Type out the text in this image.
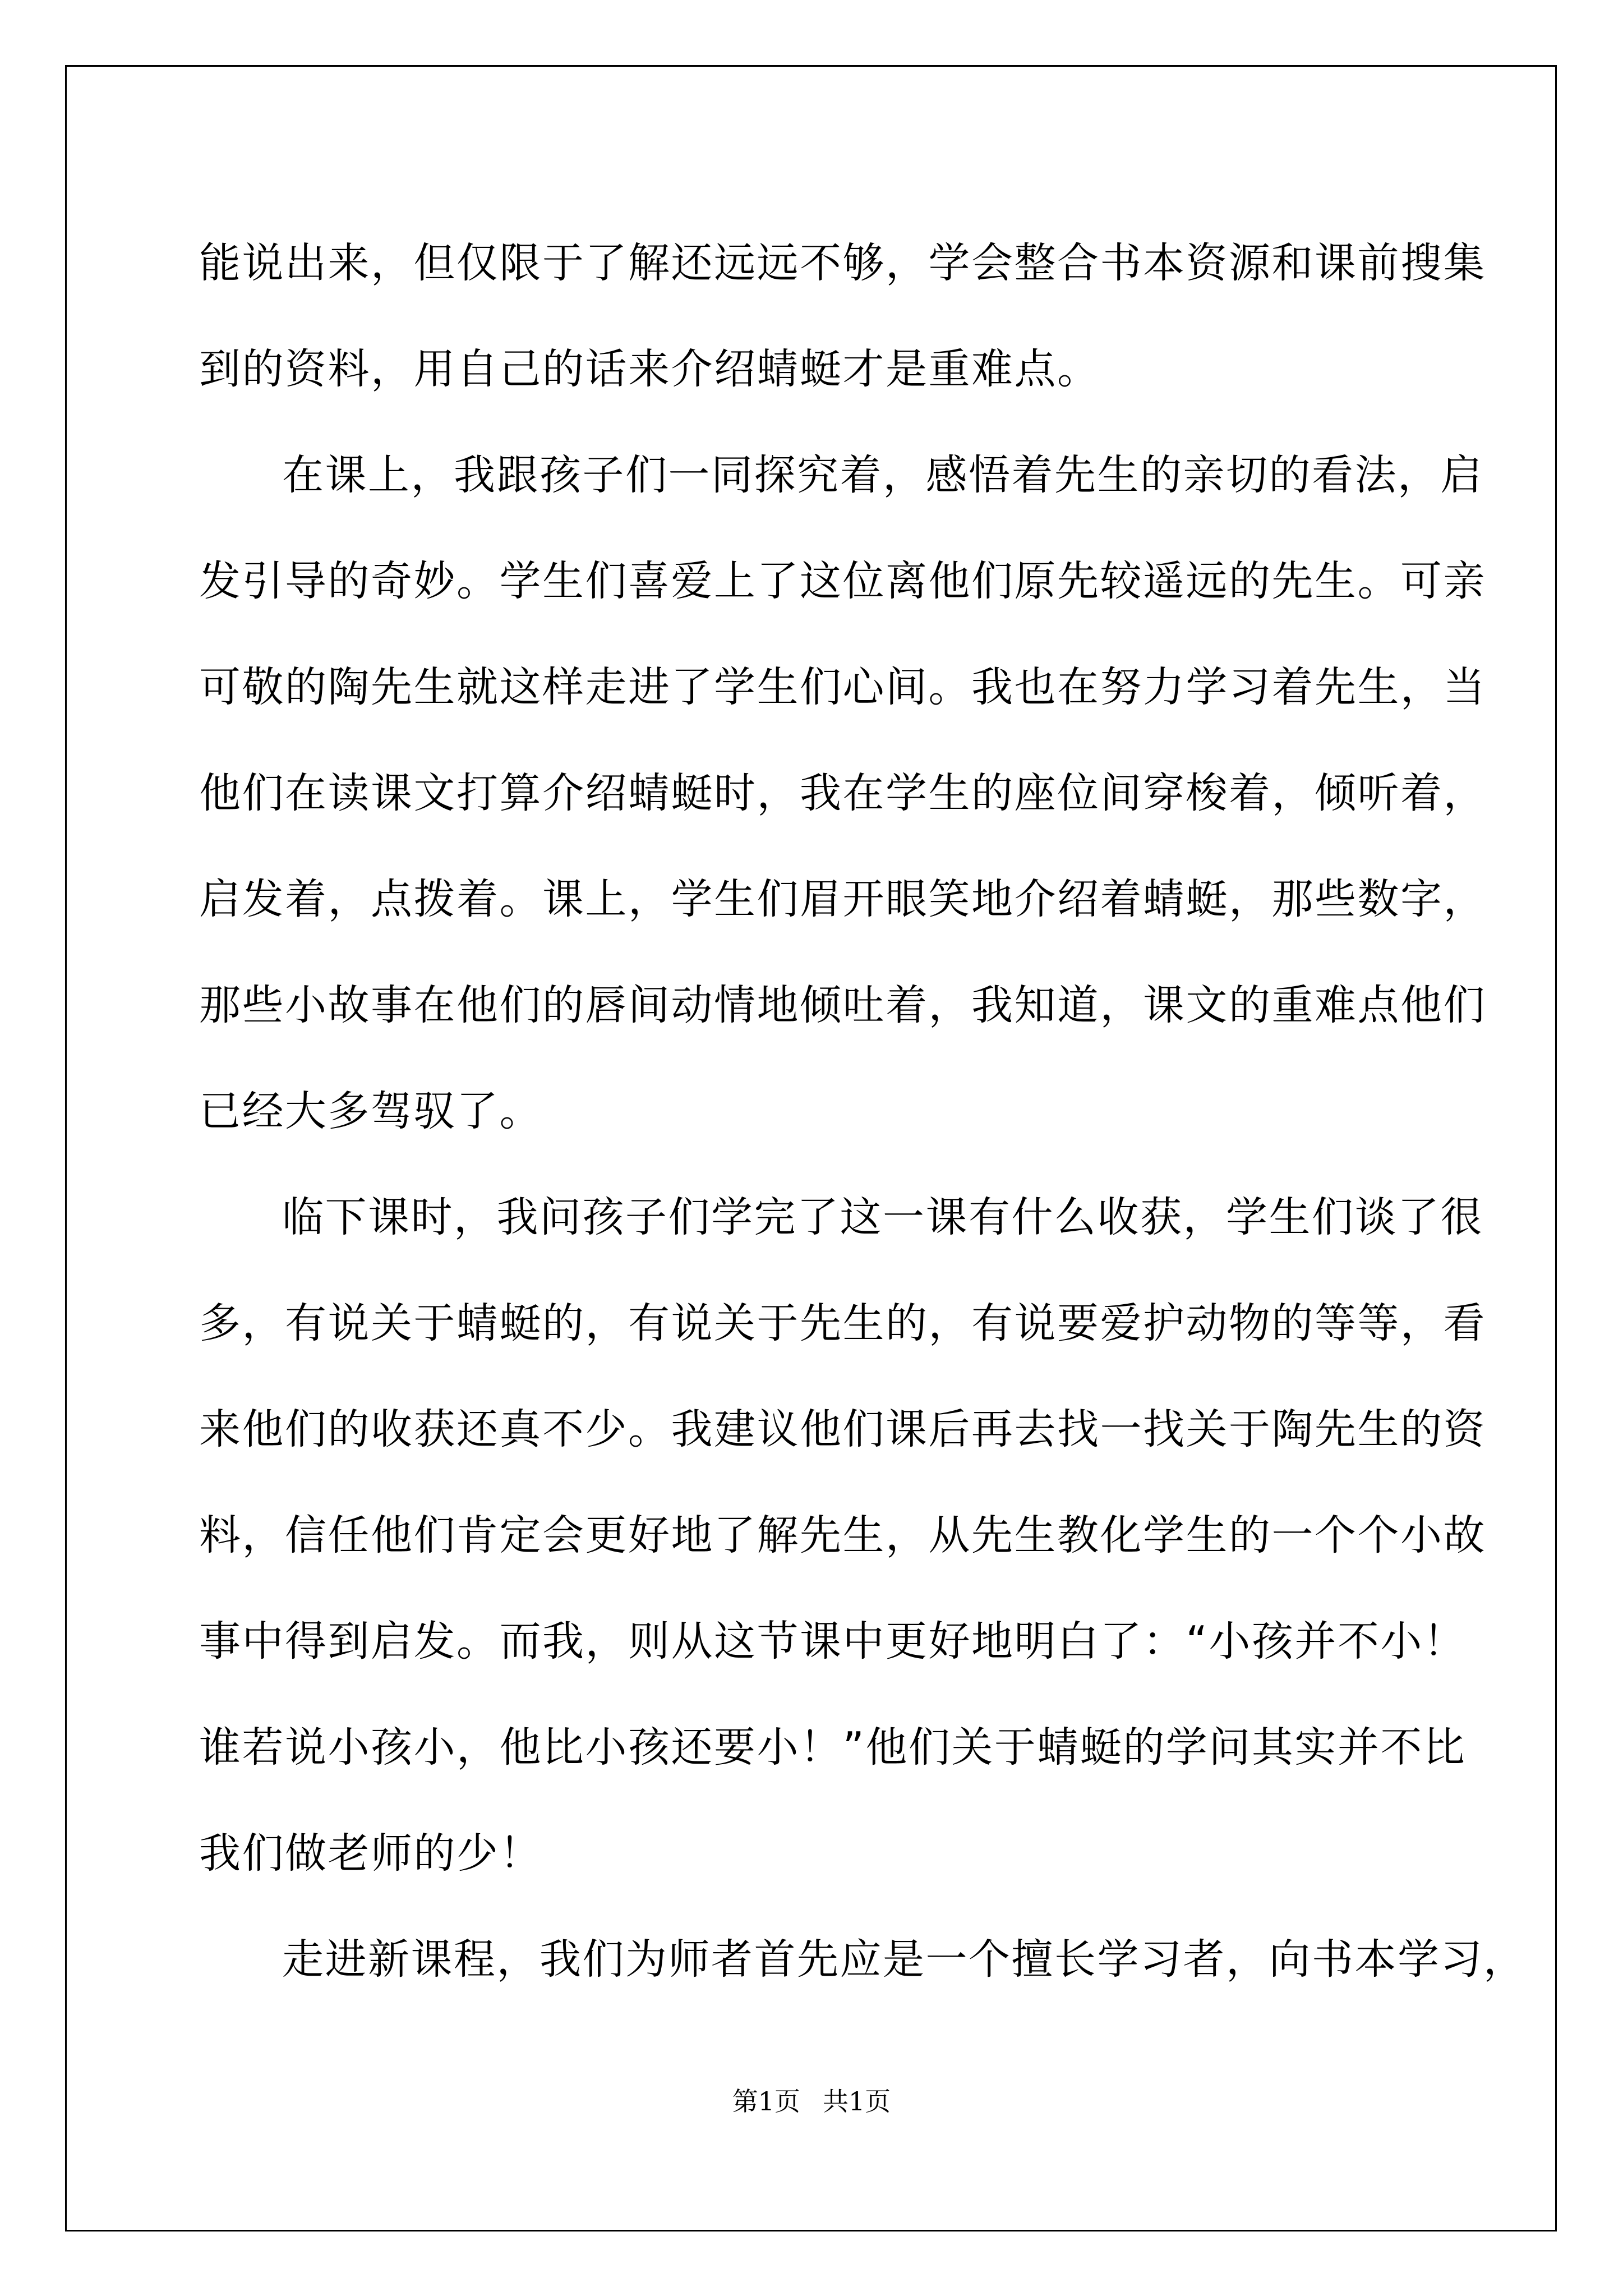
能说出来，但仅限于了解还远远不够，学会整合书本资源和课前搜集
到的资料，用自己的话来介绍蜻蜓才是重难点。
在课上，我跟孩子们一同探究着，感悟着先生的亲切的看法，启
发引导的奇妙。学生们喜爱上了这位离他们原先较遥远的先生。可亲
可敬的陶先生就这样走进了学生们心间。我也在努力学习着先生，当
他们在读课文打算介绍蜻蜓时，我在学生的座位间穿梭着，倾听着，
启发着，点拨着。课上，学生们眉开眼笑地介绍着蜻蜓，那些数字，
那些小故事在他们的唇间动情地倾吐着，我知道，课文的重难点他们
已经大多驾驭了。
临下课时，我问孩子们学完了这一课有什么收获，学生们谈了很
多，有说关于蜻蜓的，有说关于先生的，有说要爱护动物的等等，看
来他们的收获还真不少。我建议他们课后再去找一找关于陶先生的资
料，信任他们肯定会更好地了解先生，从先生教化学生的一个个小故
事中得到启发。而我，则从这节课中更好地明白了：“小孩并不小！
谁若说小孩小，他比小孩还要小！”他们关于蜻蜓的学问其实并不比
我们做老师的少！
走进新课程，我们为师者首先应是一个擅长学习者，向书本学习，
第1页 共1页
